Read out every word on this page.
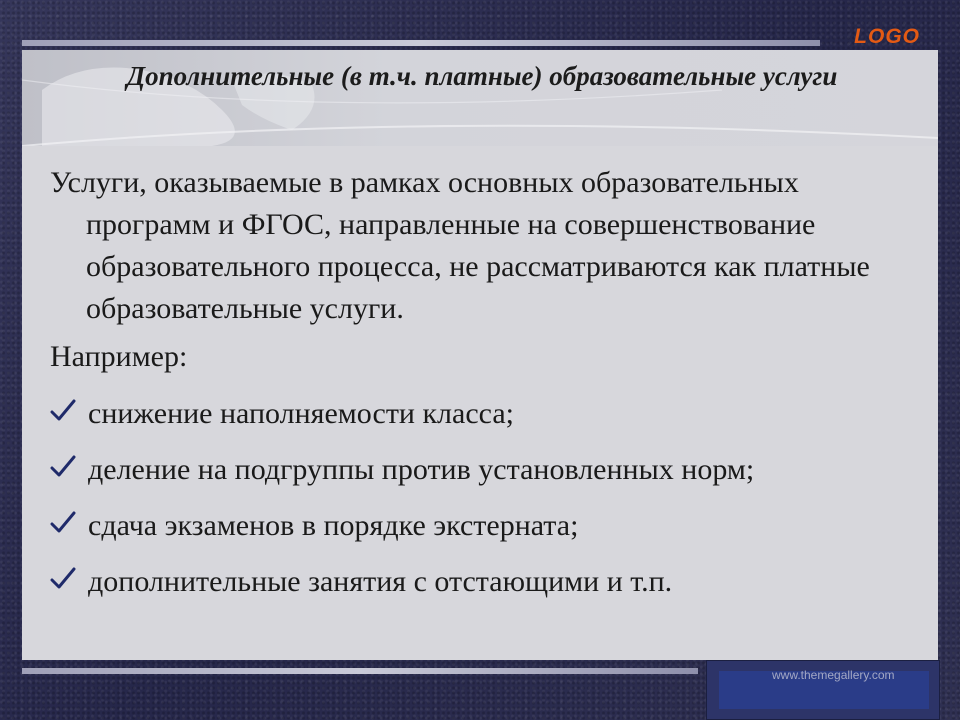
LOGO
Дополнительные (в т.ч. платные) образовательные услуги

Услуги, оказываемые в рамках основных образовательных программ и ФГОС, направленные на совершенствование образовательного процесса, не рассматриваются как платные образовательные услуги.

Например:

снижение наполняемости класса;
деление на подгруппы против установленных норм;
сдача экзаменов в порядке экстерната;
дополнительные занятия с отстающими и т.п.
www.themegallery.com
